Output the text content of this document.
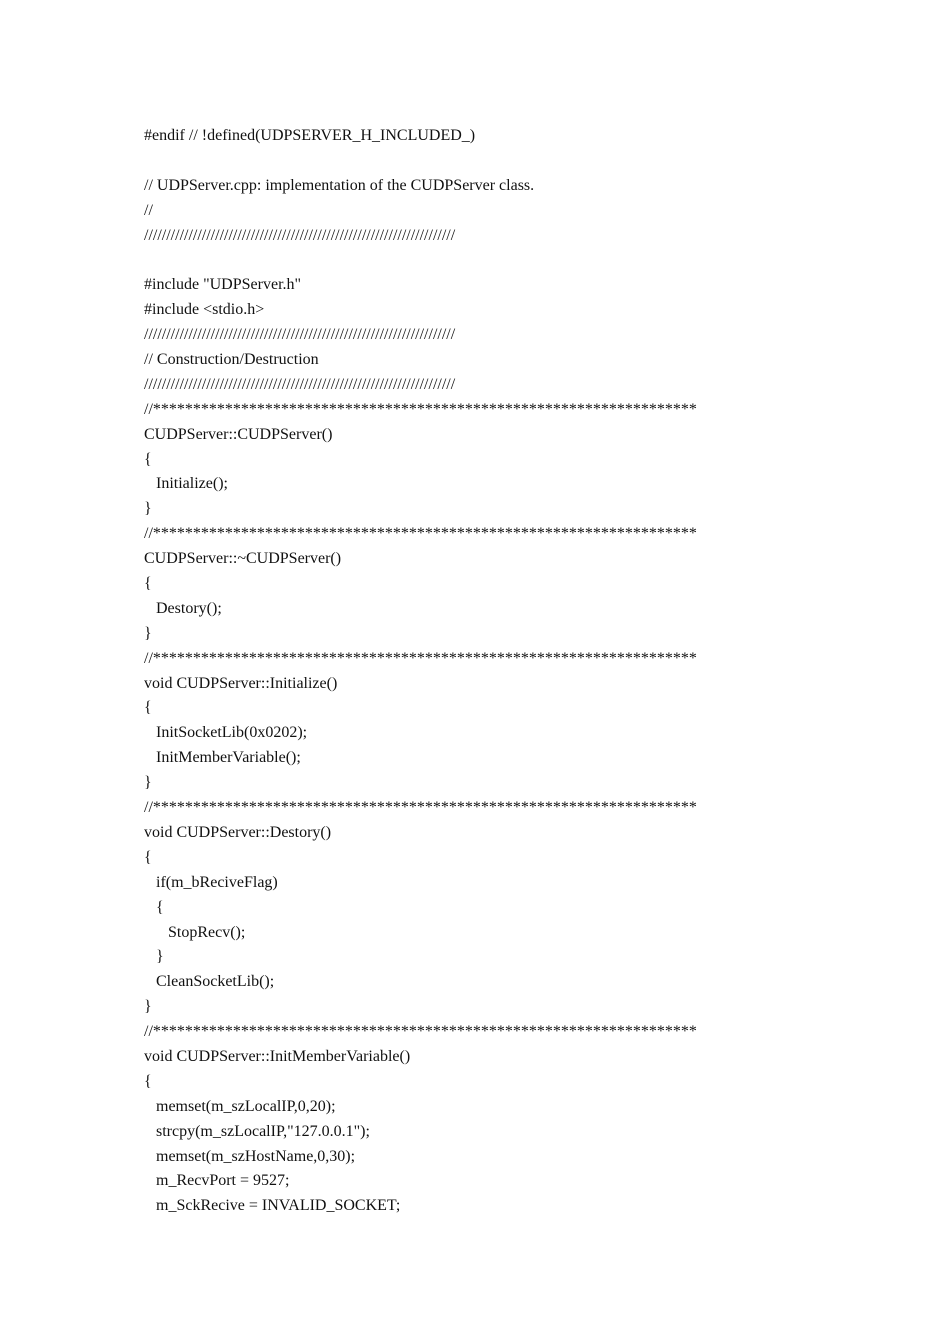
#endif // !defined(UDPSERVER_H_INCLUDED_)
// UDPServer.cpp: implementation of the CUDPServer class.
//
//////////////////////////////////////////////////////////////////////
#include "UDPServer.h"
#include <stdio.h>
//////////////////////////////////////////////////////////////////////
// Construction/Destruction
//////////////////////////////////////////////////////////////////////
//********************************************************************
CUDPServer::CUDPServer()
{
Initialize();
}
//********************************************************************
CUDPServer::~CUDPServer()
{
Destory();
}
//********************************************************************
void CUDPServer::Initialize()
{
InitSocketLib(0x0202);
InitMemberVariable();
}
//********************************************************************
void CUDPServer::Destory()
{
if(m_bReciveFlag)
{
StopRecv();
}
CleanSocketLib();
}
//********************************************************************
void CUDPServer::InitMemberVariable()
{
memset(m_szLocalIP,0,20);
strcpy(m_szLocalIP,"127.0.0.1");
memset(m_szHostName,0,30);
m_RecvPort = 9527;
m_SckRecive = INVALID_SOCKET;
